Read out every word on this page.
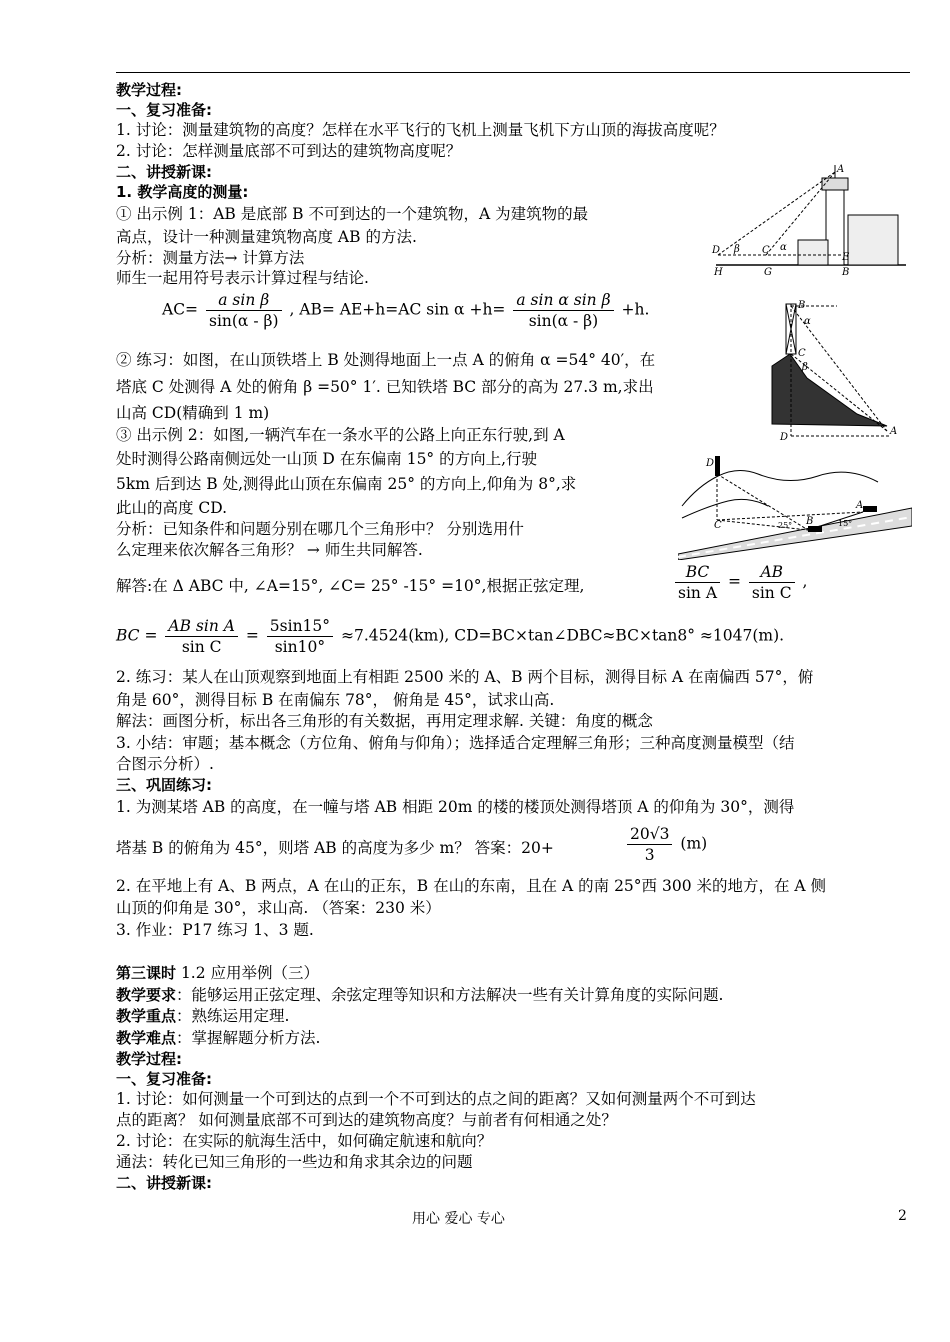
教学过程:
一、复习准备:
1. 讨论：测量建筑物的高度？怎样在水平飞行的飞机上测量飞机下方山顶的海拔高度呢？
2. 讨论：怎样测量底部不可到达的建筑物高度呢？
二、讲授新课:
1. 教学高度的测量:
① 出示例 1：AB 是底部 B 不可到达的一个建筑物，A 为建筑物的最
高点，设计一种测量建筑物高度 AB 的方法.
分析：测量方法→ 计算方法
师生一起用符号表示计算过程与结论.
$AC= \frac{\text{a sin β}}{\sin(\alpha - \beta)}$ , AB= AE+h=AC $\sin \alpha +h= \frac{\text{a sin α sin β}}{\sin(\alpha - \beta)} +h$.
② 练习：如图，在山顶铁塔上 B 处测得地面上一点 A 的俯角 α =54° 40′，在
塔底 C 处测得 A 处的俯角 β =50° 1′. 已知铁塔 BC 部分的高为 27.3 m,求出
山高 CD(精确到 1 m)
③ 出示例 2：如图,一辆汽车在一条水平的公路上向正东行驶,到 A
处时测得公路南侧远处一山顶 D 在东偏南 15° 的方向上,行驶
5km 后到达 B 处,测得此山顶在东偏南 25° 的方向上,仰角为 8°,求
此山的高度 CD.
分析：已知条件和问题分别在哪几个三角形中？ 分别选用什
么定理来依次解各三角形？ → 师生共同解答.
解答:在 Δ ABC 中, ∠A=15°, ∠C= 25° -15° =10°,根据正弦定理,	$\frac{BC}{\text{sin A}} = \frac{AB}{\text{sin C}}$ ,
BC = $\frac{\text{AB sin A}}{\text{sin C}} = \frac{5\sin 15^\circ}{\sin 10^\circ} \approx 7.4524(km)$, CD=BC×tan∠DBC≈BC×tan8° ≈1047(m).
2. 练习：某人在山顶观察到地面上有相距 2500 米的 A、B 两个目标，测得目标 A 在南偏西 57°，俯
角是 60°，测得目标 B 在南偏东 78°， 俯角是 45°，试求山高.
解法：画图分析，标出各三角形的有关数据，再用定理求解. 关键：角度的概念
3. 小结：审题；基本概念（方位角、俯角与仰角）；选择适合定理解三角形；三种高度测量模型（结
合图示分析）.
三、巩固练习:
1. 为测某塔 AB 的高度，在一幢与塔 AB 相距 20m 的楼的楼顶处测得塔顶 A 的仰角为 30°，测得
塔基 B 的俯角为 45°，则塔 AB 的高度为多少 m？ 答案：20+	$\frac{20√3}{3} (m)$
2. 在平地上有 A、B 两点，A 在山的正东，B 在山的东南，且在 A 的南 25°西 300 米的地方，在 A 侧
山顶的仰角是 30°，求山高. （答案：230 米）
3. 作业：P17 练习 1、3 题.
第三课时 1.2 应用举例（三）
教学要求：能够运用正弦定理、余弦定理等知识和方法解决一些有关计算角度的实际问题.
教学重点：熟练运用定理.
教学难点：掌握解题分析方法.
教学过程:
一、复习准备:
1. 讨论：如何测量一个可到达的点到一个不可到达的点之间的距离？又如何测量两个不可到达
点的距离？ 如何测量底部不可到达的建筑物高度？与前者有何相通之处？
2. 讨论：在实际的航海生活中，如何确定航速和航向？
通法：转化已知三角形的一些边和角求其余边的问题
二、讲授新课:
A
D β C α
H	G
E
B
B
α
C
β
D
A
D
C	B
A
15°
25°
用心 爱心 专心	2
